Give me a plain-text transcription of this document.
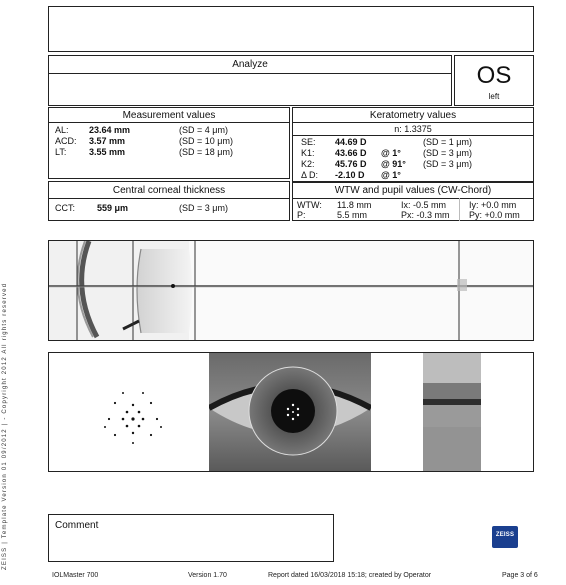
Analyze	OS
left
Measurement values
AL: 23.64 mm	(SD = 4 μm)
ACD: 3.57 mm	(SD = 10 μm)
LT:	3.55 mm	(SD = 18 μm)
Central corneal thickness
CCT: 559 μm	(SD = 3 μm)
Keratometry values
n: 1.3375
SE: 44.69 D	(SD = 1 μm)
K1: 43.66 D @ 1° (SD = 3 μm)
K2: 45.76 D @ 91° (SD = 3 μm)
Δ D: -2.10 D @ 1°
WTW and pupil values (CW-Chord)
WTW: 11.8 mm	Ix: -0.5 mm	Iy: +0.0 mm
P:	5.5 mm	Px: -0.3 mm Py: +0.0 mm
Comment
ZEISS
ZEISS | Template Version 01 09/2012 | - Copyright 2012 All rights reserved
IOLMaster 700	Version 1.70	Report dated 16/03/2018 15:18; created by Operator	Page 3 of 6
